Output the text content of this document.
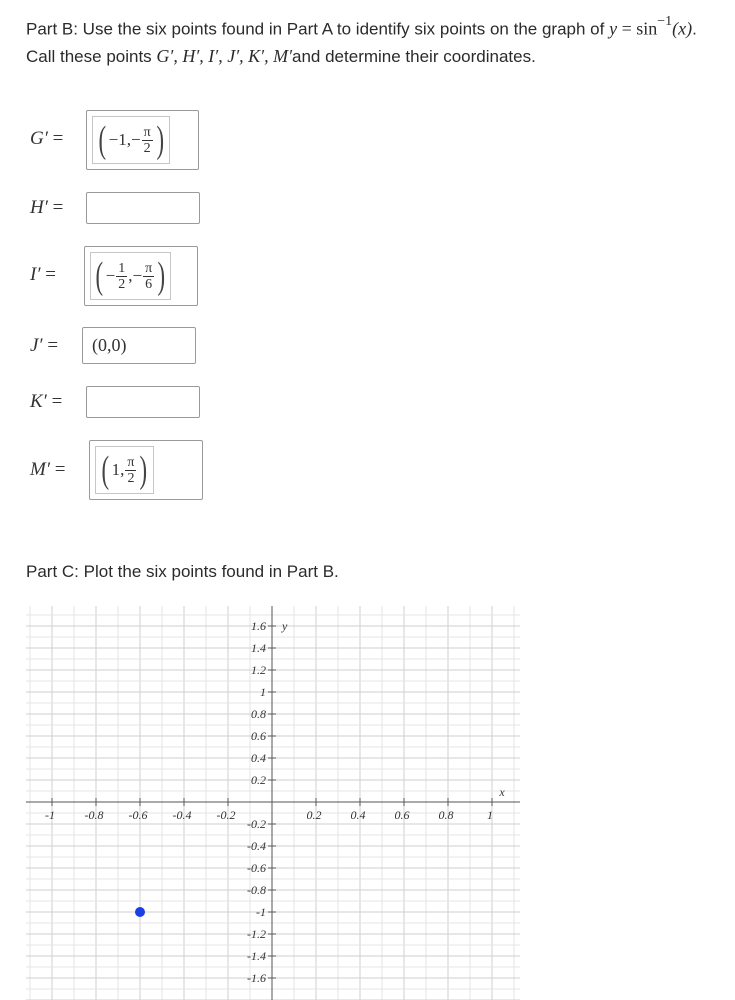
Part B: Use the six points found in Part A to identify six points on the graph of $y = \sin^{-1}(x)$. Call these points G′, H′, I′, J′, K′, M′and determine their coordinates.
G′ = ( $-1,- \frac{\pi}{2}$ )
H′ =
I′ =	( − $\frac{1}{2}$ ,− $\frac{\pi}{6}$ )
J′ =	(0,0)
K′ =
M′ = ( 1, $\frac{\pi}{2}$ )
Part C: Plot the six points found in Part B.
-1 -0.8 -0.6 -0.4 -0.2	0.2 0.4 0.6 0.8	1
1.6
1.4
1.2
1
0.8
0.6
0.4
0.2
-0.2
-0.4
-0.6
-0.8
-1
-1.2
-1.4
-1.6
x
y
